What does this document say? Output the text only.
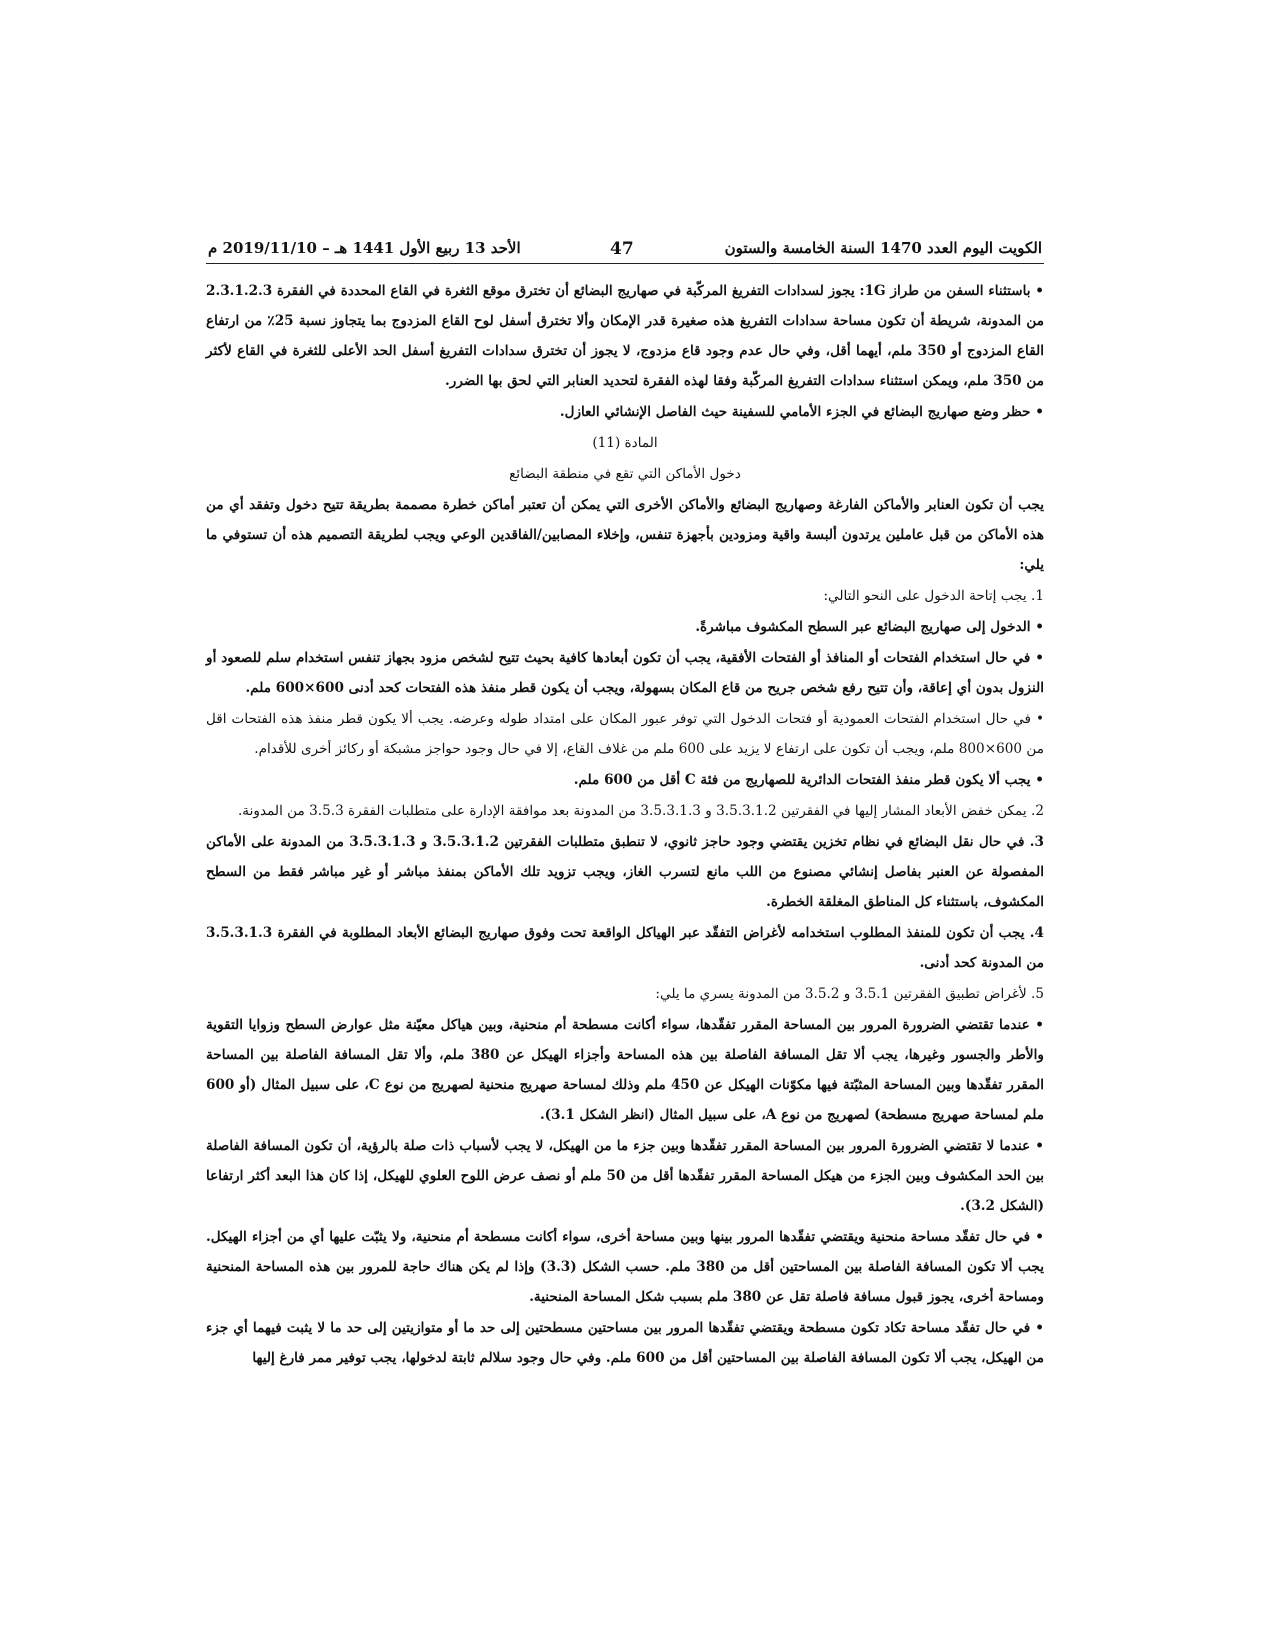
الكويت اليوم العدد 1470 السنة الخامسة والستون
47
الأحد 13 ربيع الأول 1441 هـ – 2019/11/10 م

• باستثناء السفن من طراز 1G: يجوز لسدادات التفريغ المركّبة في صهاريج البضائع أن تخترق موقع الثغرة في القاع المحددة في الفقرة 2.3.1.2.3 من المدونة، شريطة أن تكون مساحة سدادات التفريغ هذه صغيرة قدر الإمكان وألا تخترق أسفل لوح القاع المزدوج بما يتجاوز نسبة 25٪ من ارتفاع القاع المزدوج أو 350 ملم، أيهما أقل، وفي حال عدم وجود قاع مزدوج، لا يجوز أن تخترق سدادات التفريغ أسفل الحد الأعلى للثغرة في القاع لأكثر من 350 ملم، ويمكن استثناء سدادات التفريغ المركّبة وفقا لهذه الفقرة لتحديد العنابر التي لحق بها الضرر.

• حظر وضع صهاريج البضائع في الجزء الأمامي للسفينة حيث الفاصل الإنشائي العازل.

المادة (11)

دخول الأماكن التي تقع في منطقة البضائع

يجب أن تكون العنابر والأماكن الفارغة وصهاريج البضائع والأماكن الأخرى التي يمكن أن تعتبر أماكن خطرة مصممة بطريقة تتيح دخول وتفقد أي من هذه الأماكن من قبل عاملين يرتدون ألبسة واقية ومزودين بأجهزة تنفس، وإخلاء المصابين/الفاقدين الوعي ويجب لطريقة التصميم هذه أن تستوفي ما يلي:

1. يجب إتاحة الدخول على النحو التالي:

• الدخول إلى صهاريج البضائع عبر السطح المكشوف مباشرةً.

• في حال استخدام الفتحات أو المنافذ أو الفتحات الأفقية، يجب أن تكون أبعادها كافية بحيث تتيح لشخص مزود بجهاز تنفس استخدام سلم للصعود أو النزول بدون أي إعاقة، وأن تتيح رفع شخص جريح من قاع المكان بسهولة، ويجب أن يكون قطر منفذ هذه الفتحات كحد أدنى 600×600 ملم.

• في حال استخدام الفتحات العمودية أو فتحات الدخول التي توفر عبور المكان على امتداد طوله وعرضه. يجب ألا يكون قطر منفذ هذه الفتحات اقل من 600×800 ملم، ويجب أن تكون على ارتفاع لا يزيد على 600 ملم من غلاف القاع، إلا في حال وجود حواجز مشبكة أو ركائز أخرى للأقدام.

• يجب ألا يكون قطر منفذ الفتحات الدائرية للصهاريج من فئة C أقل من 600 ملم.

2. يمكن خفض الأبعاد المشار إليها في الفقرتين 3.5.3.1.2 و 3.5.3.1.3 من المدونة بعد موافقة الإدارة على متطلبات الفقرة 3.5.3 من المدونة.

3. في حال نقل البضائع في نظام تخزين يقتضي وجود حاجز ثانوي، لا تنطبق متطلبات الفقرتين 3.5.3.1.2 و 3.5.3.1.3 من المدونة على الأماكن المفصولة عن العنبر بفاصل إنشائي مصنوع من اللب مانع لتسرب الغاز، ويجب تزويد تلك الأماكن بمنفذ مباشر أو غير مباشر فقط من السطح المكشوف، باستثناء كل المناطق المغلقة الخطرة.

4. يجب أن تكون للمنفذ المطلوب استخدامه لأغراض التفقّد عبر الهياكل الواقعة تحت وفوق صهاريج البضائع الأبعاد المطلوبة في الفقرة 3.5.3.1.3 من المدونة كحد أدنى.

5. لأغراض تطبيق الفقرتين 3.5.1 و 3.5.2 من المدونة يسري ما يلي:

• عندما تقتضي الضرورة المرور بين المساحة المقرر تفقّدها، سواء أكانت مسطحة أم منحنية، وبين هياكل معيّنة مثل عوارض السطح وزوايا التقوية والأطر والجسور وغيرها، يجب ألا تقل المسافة الفاصلة بين هذه المساحة وأجزاء الهيكل عن 380 ملم، وألا تقل المسافة الفاصلة بين المساحة المقرر تفقّدها وبين المساحة المثبّتة فيها مكوّنات الهيكل عن 450 ملم وذلك لمساحة صهريج منحنية لصهريج من نوع C، على سبيل المثال (أو 600 ملم لمساحة صهريج مسطحة) لصهريج من نوع A، على سبيل المثال (انظر الشكل 3.1).

• عندما لا تقتضي الضرورة المرور بين المساحة المقرر تفقّدها وبين جزء ما من الهيكل، لا يجب لأسباب ذات صلة بالرؤية، أن تكون المسافة الفاصلة بين الحد المكشوف وبين الجزء من هيكل المساحة المقرر تفقّدها أقل من 50 ملم أو نصف عرض اللوح العلوي للهيكل، إذا كان هذا البعد أكثر ارتفاعا (الشكل 3.2).

• في حال تفقّد مساحة منحنية ويقتضي تفقّدها المرور بينها وبين مساحة أخرى، سواء أكانت مسطحة أم منحنية، ولا يثبّت عليها أي من أجزاء الهيكل. يجب ألا تكون المسافة الفاصلة بين المساحتين أقل من 380 ملم. حسب الشكل (3.3) وإذا لم يكن هناك حاجة للمرور بين هذه المساحة المنحنية ومساحة أخرى، يجوز قبول مسافة فاصلة تقل عن 380 ملم بسبب شكل المساحة المنحنية.

• في حال تفقّد مساحة تكاد تكون مسطحة ويقتضي تفقّدها المرور بين مساحتين مسطحتين إلى حد ما أو متوازيتين إلى حد ما لا يثبت فيهما أي جزء من الهيكل، يجب ألا تكون المسافة الفاصلة بين المساحتين أقل من 600 ملم. وفي حال وجود سلالم ثابتة لدخولها، يجب توفير ممر فارغ إليها
